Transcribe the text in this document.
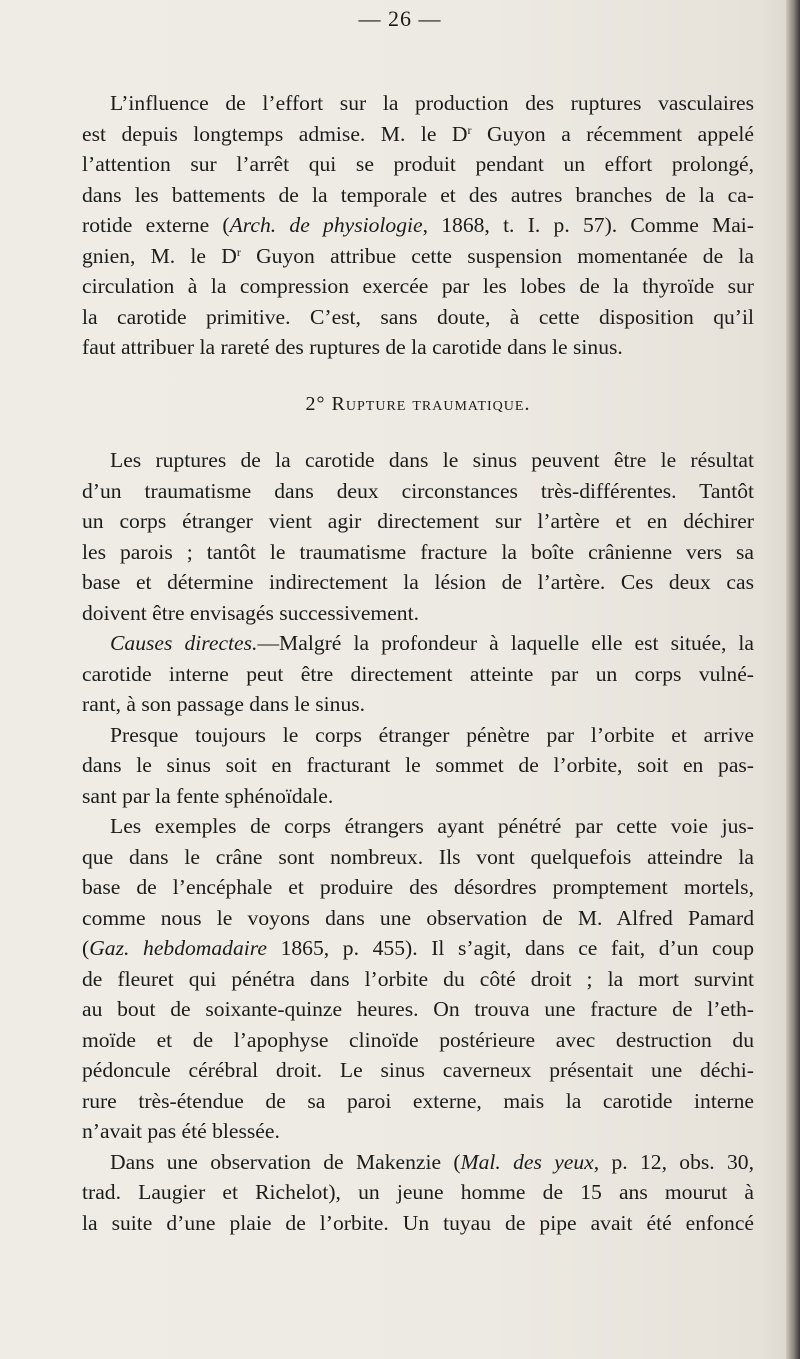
— 26 —
L’influence de l’effort sur la production des ruptures vasculaires
est depuis longtemps admise. M. le $D^r$ Guyon a récemment appelé
l’attention sur l’arrêt qui se produit pendant un effort prolongé,
dans les battements de la temporale et des autres branches de la ca-
rotide externe (Arch. de physiologie, 1868, t. I. p. 57). Comme Mai-
gnien, M. le $D^r$ Guyon attribue cette suspension momentanée de la
circulation à la compression exercée par les lobes de la thyroïde sur
la carotide primitive. C’est, sans doute, à cette disposition qu’il
faut attribuer la rareté des ruptures de la carotide dans le sinus.
2° Rupture traumatique.
Les ruptures de la carotide dans le sinus peuvent être le résultat
d’un traumatisme dans deux circonstances très-différentes. Tantôt
un corps étranger vient agir directement sur l’artère et en déchirer
les parois ; tantôt le traumatisme fracture la boîte crânienne vers sa
base et détermine indirectement la lésion de l’artère. Ces deux cas
doivent être envisagés successivement.
Causes directes.—Malgré la profondeur à laquelle elle est située, la
carotide interne peut être directement atteinte par un corps vulné-
rant, à son passage dans le sinus.
Presque toujours le corps étranger pénètre par l’orbite et arrive
dans le sinus soit en fracturant le sommet de l’orbite, soit en pas-
sant par la fente sphénoïdale.
Les exemples de corps étrangers ayant pénétré par cette voie jus-
que dans le crâne sont nombreux. Ils vont quelquefois atteindre la
base de l’encéphale et produire des désordres promptement mortels,
comme nous le voyons dans une observation de M. Alfred Pamard
(Gaz. hebdomadaire 1865, p. 455). Il s’agit, dans ce fait, d’un coup
de fleuret qui pénétra dans l’orbite du côté droit ; la mort survint
au bout de soixante-quinze heures. On trouva une fracture de l’eth-
moïde et de l’apophyse clinoïde postérieure avec destruction du
pédoncule cérébral droit. Le sinus caverneux présentait une déchi-
rure très-étendue de sa paroi externe, mais la carotide interne
n’avait pas été blessée.
Dans une observation de Makenzie (Mal. des yeux, p. 12, obs. 30,
trad. Laugier et Richelot), un jeune homme de 15 ans mourut à
la suite d’une plaie de l’orbite. Un tuyau de pipe avait été enfoncé
